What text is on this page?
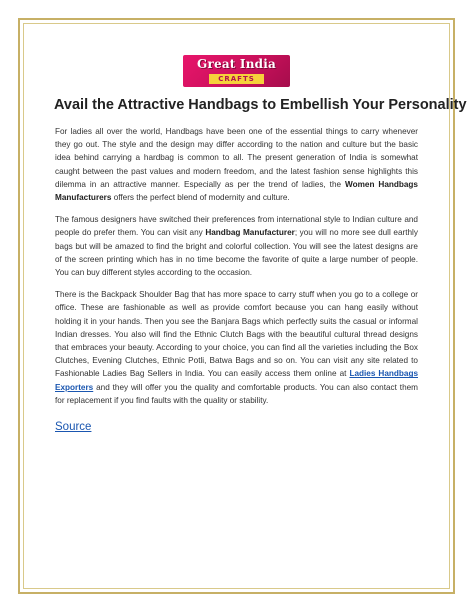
Great India
CRAFTS
Avail the Attractive Handbags to Embellish Your Personality

For ladies all over the world, Handbags have been one of the essential things to carry whenever they go out. The style and the design may differ according to the nation and culture but the basic idea behind carrying a hardbag is common to all. The present generation of India is somewhat caught between the past values and modern freedom, and the latest fashion sense highlights this dilemma in an attractive manner. Especially as per the trend of ladies, the Women Handbags Manufacturers offers the perfect blend of modernity and culture.

The famous designers have switched their preferences from international style to Indian culture and people do prefer them. You can visit any Handbag Manufacturer; you will no more see dull earthly bags but will be amazed to find the bright and colorful collection. You will see the latest designs are of the screen printing which has in no time become the favorite of quite a large number of people. You can buy different styles according to the occasion.

There is the Backpack Shoulder Bag that has more space to carry stuff when you go to a college or office. These are fashionable as well as provide comfort because you can hang easily without holding it in your hands. Then you see the Banjara Bags which perfectly suits the casual or informal Indian dresses. You also will find the Ethnic Clutch Bags with the beautiful cultural thread designs that embraces your beauty. According to your choice, you can find all the varieties including the Box Clutches, Evening Clutches, Ethnic Potli, Batwa Bags and so on. You can visit any site related to Fashionable Ladies Bag Sellers in India. You can easily access them online at Ladies Handbags Exporters and they will offer you the quality and comfortable products. You can also contact them for replacement if you find faults with the quality or stability.

Source
